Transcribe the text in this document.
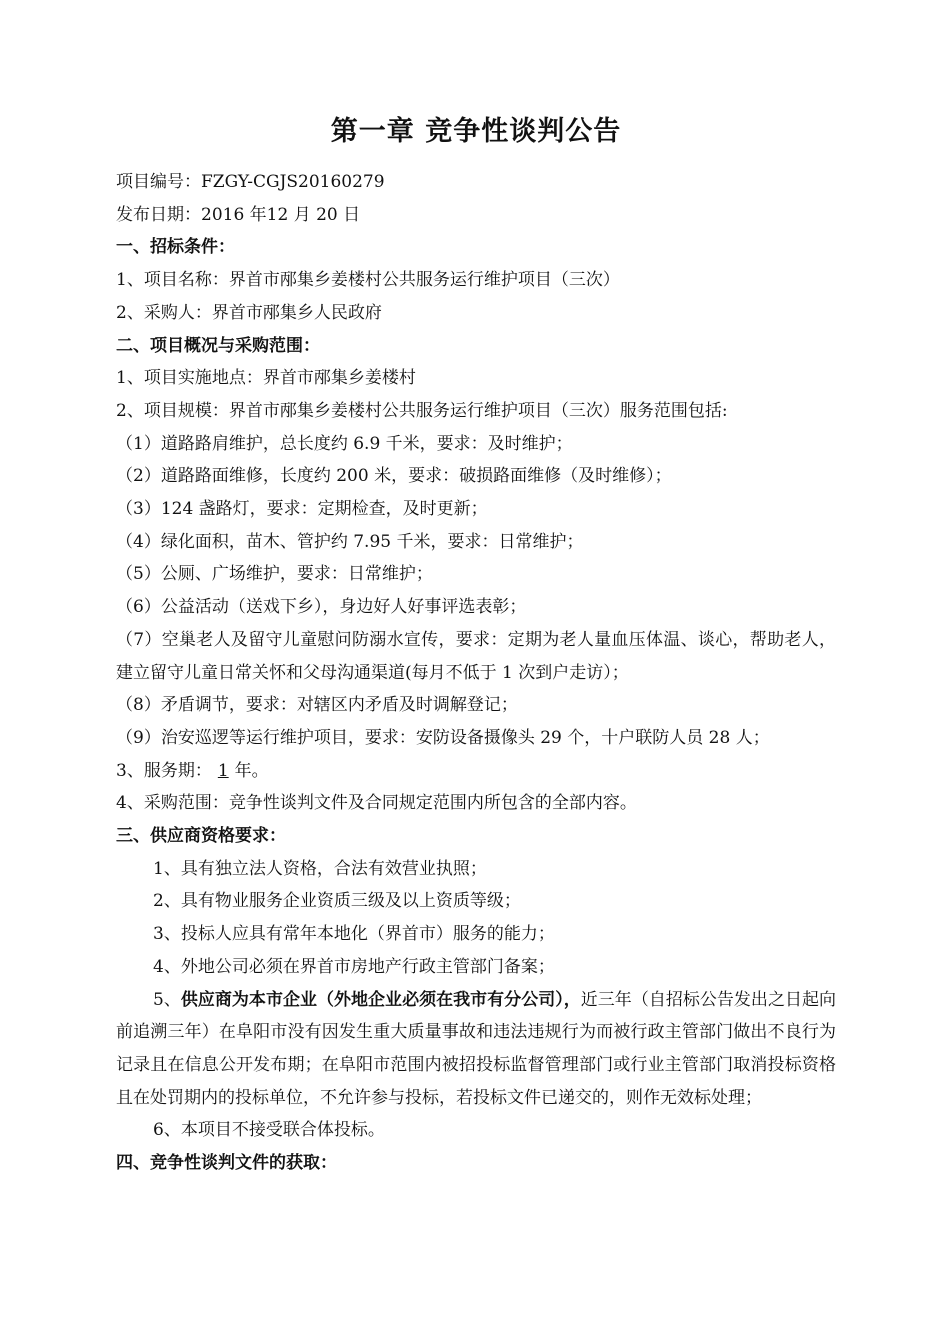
第一章 竞争性谈判公告
项目编号：FZGY-CGJS20160279
发布日期：2016 年12 月 20 日
一、招标条件：
1、项目名称：界首市邴集乡姜楼村公共服务运行维护项目（三次）
2、采购人：界首市邴集乡人民政府
二、项目概况与采购范围：
1、项目实施地点：界首市邴集乡姜楼村
2、项目规模：界首市邴集乡姜楼村公共服务运行维护项目（三次）服务范围包括:
（1）道路路肩维护，总长度约 6.9 千米，要求：及时维护；
（2）道路路面维修，长度约 200 米，要求：破损路面维修（及时维修）；
（3）124 盏路灯，要求：定期检查，及时更新；
（4）绿化面积，苗木、管护约 7.95 千米，要求：日常维护；
（5）公厕、广场维护，要求：日常维护；
（6）公益活动（送戏下乡），身边好人好事评选表彰；
（7）空巢老人及留守儿童慰问防溺水宣传，要求：定期为老人量血压体温、谈心，帮助老人，建立留守儿童日常关怀和父母沟通渠道(每月不低于 1 次到户走访）；
（8）矛盾调节，要求：对辖区内矛盾及时调解登记；
（9）治安巡逻等运行维护项目，要求：安防设备摄像头 29 个，十户联防人员 28 人；
3、服务期： 1 年。
4、采购范围：竞争性谈判文件及合同规定范围内所包含的全部内容。
三、供应商资格要求：
1、具有独立法人资格，合法有效营业执照；
2、具有物业服务企业资质三级及以上资质等级；
3、投标人应具有常年本地化（界首市）服务的能力；
4、外地公司必须在界首市房地产行政主管部门备案；
5、供应商为本市企业（外地企业必须在我市有分公司），近三年（自招标公告发出之日起向前追溯三年）在阜阳市没有因发生重大质量事故和违法违规行为而被行政主管部门做出不良行为记录且在信息公开发布期；在阜阳市范围内被招投标监督管理部门或行业主管部门取消投标资格且在处罚期内的投标单位，不允许参与投标，若投标文件已递交的，则作无效标处理；
6、本项目不接受联合体投标。
四、竞争性谈判文件的获取：
